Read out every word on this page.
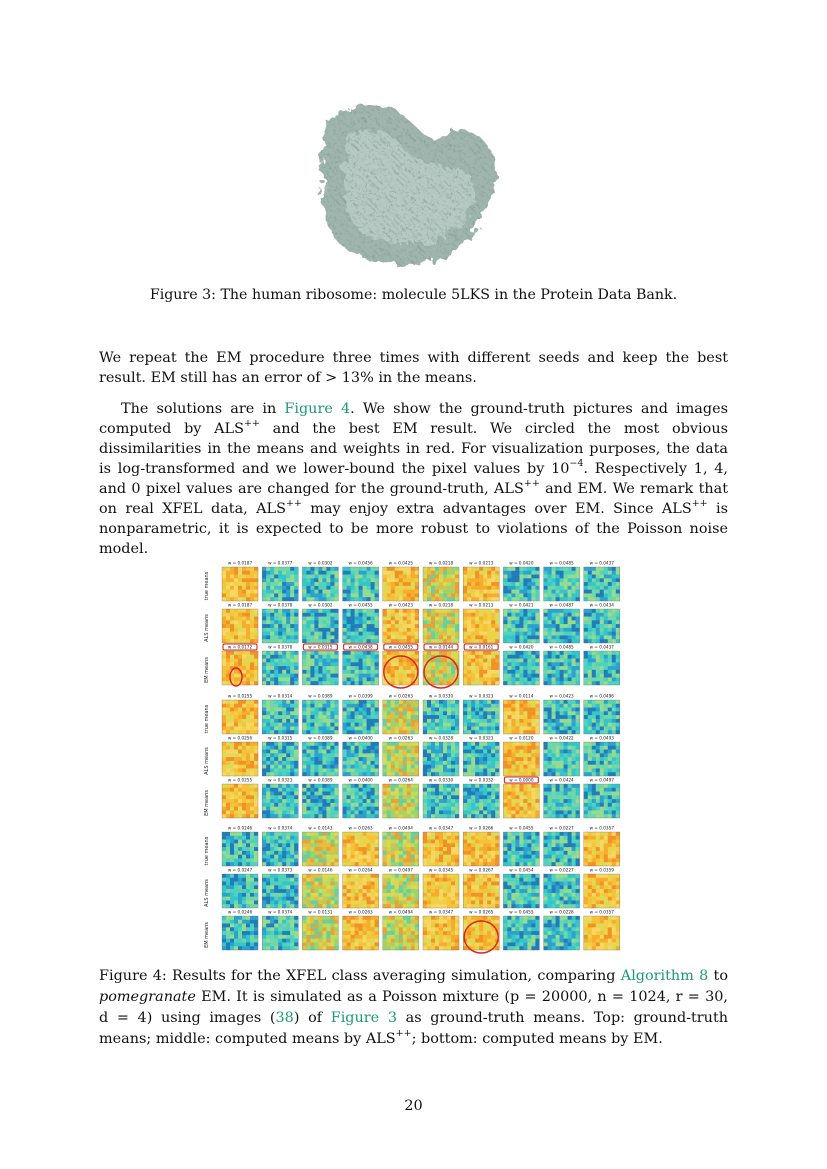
Figure 3: The human ribosome: molecule 5LKS in the Protein Data Bank.
We repeat the EM procedure three times with different seeds and keep the best result. EM still has an error of > 13% in the means.
The solutions are in Figure 4. We show the ground-truth pictures and images computed by ALS++ and the best EM result. We circled the most obvious dissimilarities in the means and weights in red. For visualization purposes, the data is log-transformed and we lower-bound the pixel values by $10^{-4}$. Respectively 1, 4, and 0 pixel values are changed for the ground-truth, ALS++ and EM. We remark that on real XFEL data, ALS++ may enjoy extra advantages over EM. Since ALS++ is nonparametric, it is expected to be more robust to violations of the Poisson noise model.
true means
w = 0.0187	w = 0.0377	w = 0.0302	w = 0.0456	w = 0.0425	w = 0.0218	w = 0.0213	w = 0.0420	w = 0.0485	w = 0.0437
ALS means
w = 0.0187	w = 0.0378	w = 0.0302	w = 0.0455	w = 0.0423	w = 0.0218	w = 0.0213	w = 0.0421	w = 0.0487	w = 0.0434
EM means
w = 0.0172	w = 0.0378	w = 0.0315	w = 0.0438	w = 0.0455	w = 0.0144	w = 0.0161	w = 0.0420	w = 0.0485	w = 0.0437
true means
w = 0.0255	w = 0.0314	w = 0.0389	w = 0.0399	w = 0.0263	w = 0.0330	w = 0.0323	w = 0.0114	w = 0.0423	w = 0.0496
ALS means
w = 0.0256	w = 0.0315	w = 0.0389	w = 0.0400	w = 0.0263	w = 0.0328	w = 0.0323	w = 0.0120	w = 0.0422	w = 0.0493
EM means
w = 0.0255	w = 0.0323	w = 0.0389	w = 0.0400	w = 0.0264	w = 0.0330	w = 0.0332	w = 0.0000	w = 0.0424	w = 0.0497
true means
w = 0.0246	w = 0.0374	w = 0.0143	w = 0.0263	w = 0.0494	w = 0.0347	w = 0.0266	w = 0.0455	w = 0.0227	w = 0.0357
ALS means
w = 0.0247	w = 0.0373	w = 0.0146	w = 0.0264	w = 0.0497	w = 0.0345	w = 0.0267	w = 0.0454	w = 0.0227	w = 0.0359
EM means
w = 0.0246	w = 0.0374	w = 0.0131	w = 0.0263	w = 0.0494	w = 0.0347	w = 0.0265	w = 0.0455	w = 0.0228	w = 0.0357
Figure 4: Results for the XFEL class averaging simulation, comparing Algorithm 8 to pomegranate EM. It is simulated as a Poisson mixture (p = 20000, n = 1024, r = 30, d = 4) using images (38) of Figure 3 as ground-truth means. Top: ground-truth means; middle: computed means by ALS++; bottom: computed means by EM.
20
